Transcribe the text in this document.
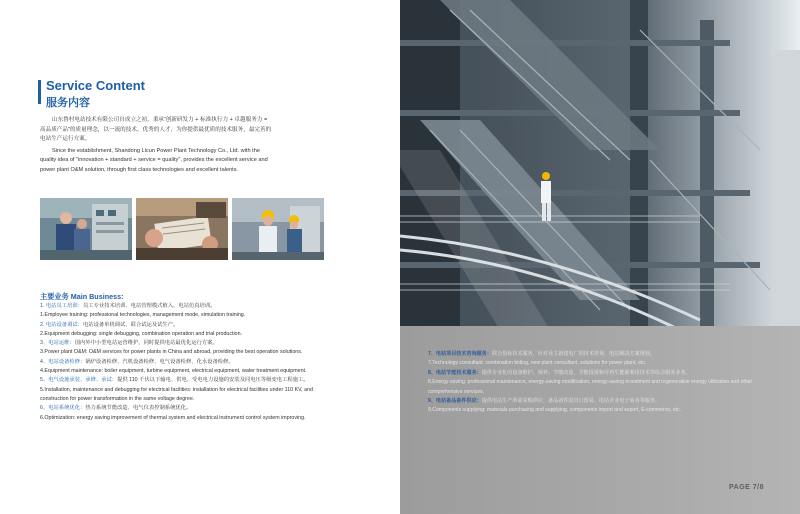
Service Content
服务内容

山东鲁村电站技术有限公司自成立之初，秉承“创新研发力 + 标准执行力 + 卓越服务力 = 高品质产品”的质量理念，以一流的技术，优秀的人才，为你提供最优质的技术服务，最完善的电站生产运行方案。

Since the establishment, Shandong Licun Power Plant Technology Co., Ltd. with the quality idea of "innovation + standard + service = quality", provides the excellent service and power plant O&M solution, through first class technologies and excellent talents.

主要业务 Main Business:
1. 电站员工培训：员工专业技术培训、电站管理模式植入、电站仿真培训。
1.Employee training: professional technologies, management mode, simulation training.
2. 电站设备调试：电站设备单机调试、联合试运及试生产。
2.Equipment debugging: single debugging, combination operation and trial production.
3、电站运维：国内外中小型电站运营维护，同时提供电站最优化运行方案。
3.Power plant O&M: O&M services for power plants in China and abroad, providing the best operation solutions.
4、电站设备检修：锅炉设备检修、汽机设备检修、电气设备检修、化水设备检修。
4.Equipment maintenance: boiler equipment, turbine equipment, electrical equipment, water treatment equipment.
5、电气设施承装、承修、承试：提供 110 千伏以下输电、供电、受电电力设施的安装及同电压等级变电工程施工。
5.Installation, maintenance and debugging for electrical facilities: installation for electrical facilities under 110 KV, and
construction for power transformation in the same voltage degree.
6、电站系统优化：热力系统节能改造、电气仪表控制系统优化。
6.Optimization: energy saving improvement of thermal system and electrical instrument control system improving.
7、电站项目技术咨询服务：联合投标技术服务，针对业主新建电厂的技术咨询，电站解决方案规划。
7.Technology consultant: combination biding, new plant consultant, solutions for power plant, etc.
8、电站节能技术服务：提供专业化的设备维护、保养、节能改造，节能投资和可再生能源利用技术等综合服务业务。
8.Energy-saving: professional maintenance, energy-saving modification, energy-saving investment and regenerative energy utilization and other comprehensive services.
9、电站备品备件供应：提供电站生产所需采购供应、备品备件进出口贸易、电站企业电子商务等服务。
9.Components supplying: materials purchasing and supplying, components import and export, E-commerce, etc.
PAGE 7/8
